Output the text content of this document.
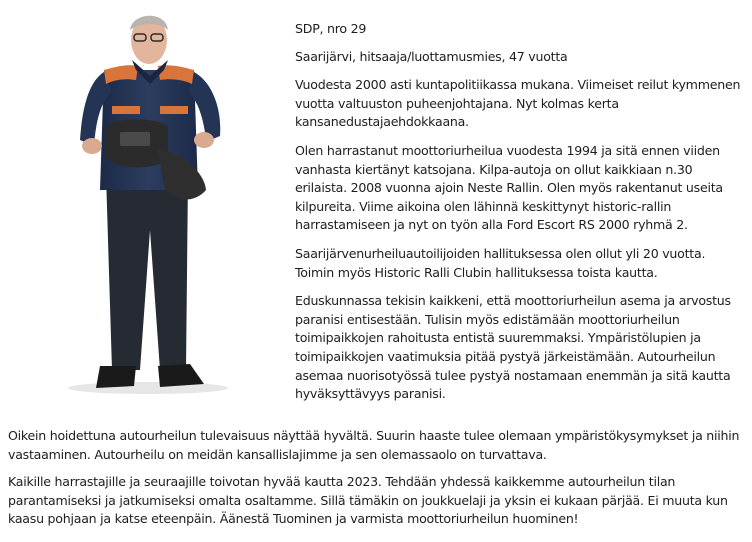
SDP, nro 29

Saarijärvi, hitsaaja/luottamusmies, 47 vuotta

Vuodesta 2000 asti kuntapolitiikassa mukana. Viimeiset reilut kymmenen vuotta valtuuston puheenjohtajana. Nyt kolmas kerta kansanedustajaehdokkaana.

Olen harrastanut moottoriurheilua vuodesta 1994 ja sitä ennen viiden vanhasta kiertänyt katsojana. Kilpa-autoja on ollut kaikkiaan n.30 erilaista. 2008 vuonna ajoin Neste Rallin. Olen myös rakentanut useita kilpureita. Viime aikoina olen lähinnä keskittynyt historic-rallin harrastamiseen ja nyt on työn alla Ford Escort RS 2000 ryhmä 2.

Saarijärvenurheiluautoilijoiden hallituksessa olen ollut yli 20 vuotta. Toimin myös Historic Ralli Clubin hallituksessa toista kautta.

Eduskunnassa tekisin kaikkeni, että moottoriurheilun asema ja arvostus paranisi entisestään. Tulisin myös edistämään moottoriurheilun toimipaikkojen rahoitusta entistä suuremmaksi. Ympäristölupien ja toimipaikkojen vaatimuksia pitää pystyä järkeistämään. Autourheilun asemaa nuorisotyössä tulee pystyä nostamaan enemmän ja sitä kautta hyväksyttävyys paranisi.

Oikein hoidettuna autourheilun tulevaisuus näyttää hyvältä. Suurin haaste tulee olemaan ympäristökysymykset ja niihin vastaaminen. Autourheilu on meidän kansallislajimme ja sen olemassaolo on turvattava.

Kaikille harrastajille ja seuraajille toivotan hyvää kautta 2023. Tehdään yhdessä kaikkemme autourheilun tilan parantamiseksi ja jatkumiseksi omalta osaltamme. Sillä tämäkin on joukkuelaji ja yksin ei kukaan pärjää. Ei muuta kun kaasu pohjaan ja katse eteenpäin. Äänestä Tuominen ja varmista moottoriurheilun huominen!
